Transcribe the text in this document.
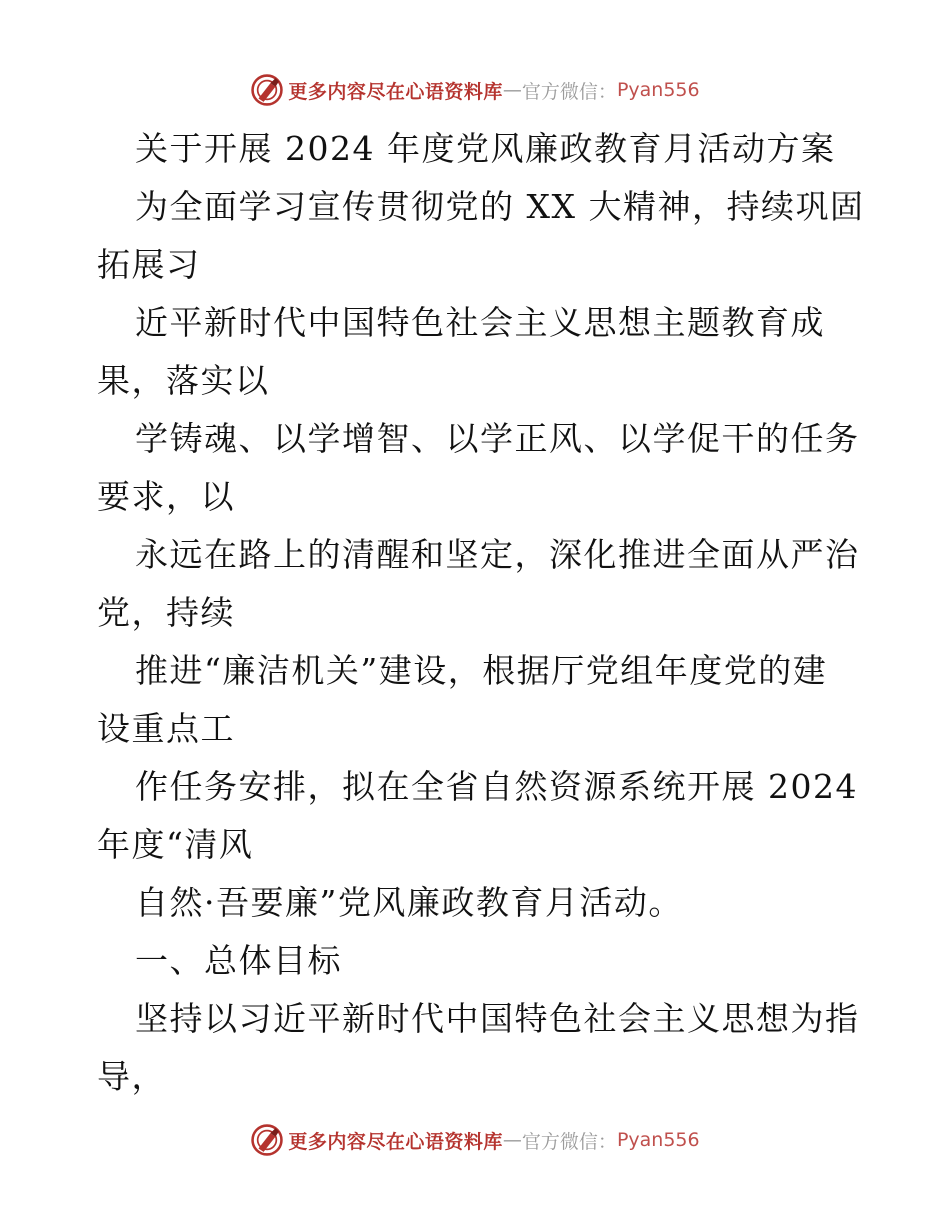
更多内容尽在心语资料库 — 官方微信： Pyan556
关于开展 2024 年度党风廉政教育月活动方案
为全面学习宣传贯彻党的 XX 大精神，持续巩固
拓展习
近平新时代中国特色社会主义思想主题教育成
果，落实以
学铸魂、以学增智、以学正风、以学促干的任务
要求，以
永远在路上的清醒和坚定，深化推进全面从严治
党，持续
推进“廉洁机关”建设，根据厅党组年度党的建
设重点工
作任务安排，拟在全省自然资源系统开展 2024
年度“清风
自然·吾要廉”党风廉政教育月活动。
一、总体目标
坚持以习近平新时代中国特色社会主义思想为指
导，
更多内容尽在心语资料库 — 官方微信： Pyan556
